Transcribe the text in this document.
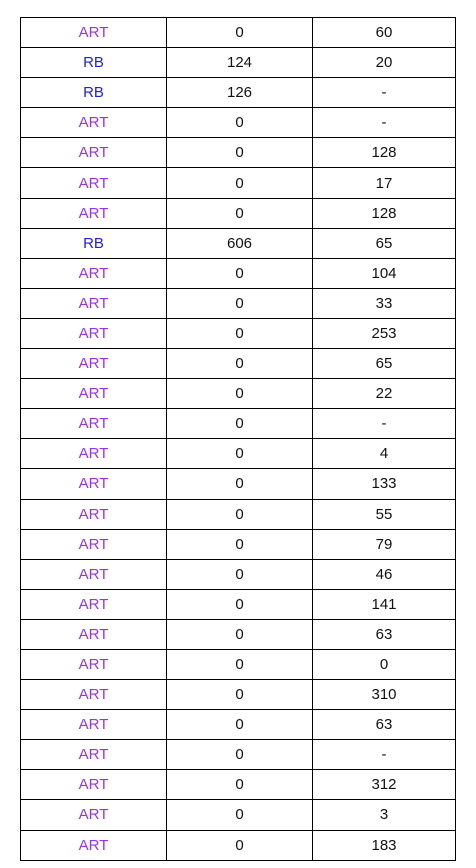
ART	0	60
RB	124	20
RB	126	-
ART	0	-
ART	0	128
ART	0	17
ART	0	128
RB	606	65
ART	0	104
ART	0	33
ART	0	253
ART	0	65
ART	0	22
ART	0	-
ART	0	4
ART	0	133
ART	0	55
ART	0	79
ART	0	46
ART	0	141
ART	0	63
ART	0	0
ART	0	310
ART	0	63
ART	0	-
ART	0	312
ART	0	3
ART	0	183
